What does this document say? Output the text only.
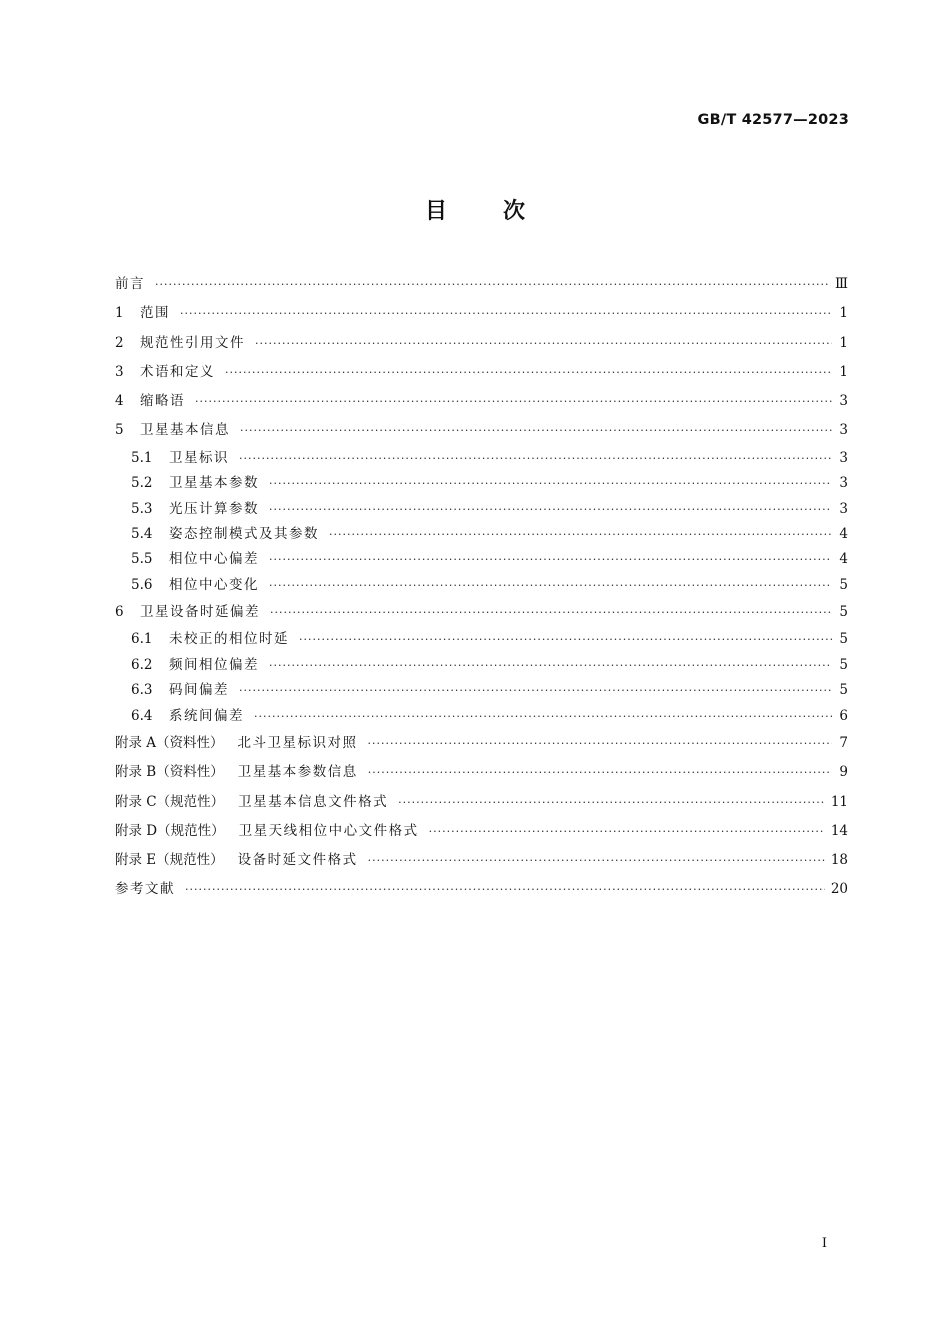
GB/T 42577—2023
目	次
前言 ·····	Ⅲ
1	范围 ·····	1
2	规范性引用文件 ·····	1
3	术语和定义 ·····	1
4	缩略语 ·····	3
5	卫星基本信息 ·····	3
5.1	卫星标识 ·····	3
5.2	卫星基本参数 ·····	3
5.3	光压计算参数 ·····	3
5.4	姿态控制模式及其参数 ·····	4
5.5	相位中心偏差 ·····	4
5.6	相位中心变化 ·····	5
6	卫星设备时延偏差 ·····	5
6.1	未校正的相位时延 ·····	5
6.2	频间相位偏差 ·····	5
6.3	码间偏差 ·····	5
6.4	系统间偏差 ·····	6
附录 A（资料性） 北斗卫星标识对照 ·····	7
附录 B（资料性） 卫星基本参数信息 ·····	9
附录 C（规范性） 卫星基本信息文件格式 ·····	11
附录 D（规范性） 卫星天线相位中心文件格式 ·····	14
附录 E（规范性） 设备时延文件格式 ·····	18
参考文献 ·····	20
Ⅰ
